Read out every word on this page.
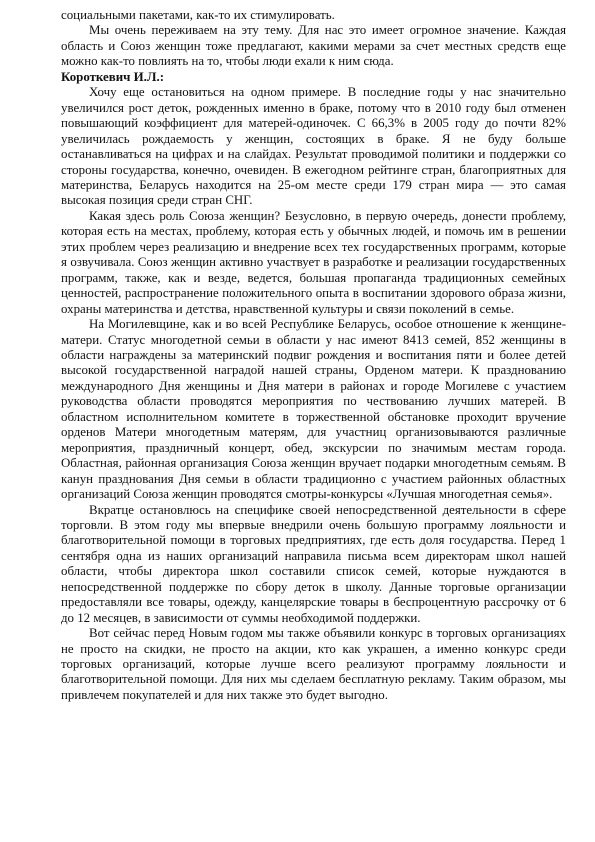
социальными пакетами, как-то их стимулировать.

Мы очень переживаем на эту тему. Для нас это имеет огромное значение. Каждая область и Союз женщин тоже предлагают, какими мерами за счет местных средств еще можно как-то повлиять на то, чтобы люди ехали к ним сюда.

Короткевич И.Л.:

Хочу еще остановиться на одном примере. В последние годы у нас значительно увеличился рост деток, рожденных именно в браке, потому что в 2010 году был отменен повышающий коэффициент для матерей-одиночек. С 66,3% в 2005 году до почти 82% увеличилась рождаемость у женщин, состоящих в браке. Я не буду больше останавливаться на цифрах и на слайдах. Результат проводимой политики и поддержки со стороны государства, конечно, очевиден. В ежегодном рейтинге стран, благоприятных для материнства, Беларусь находится на 25-ом месте среди 179 стран мира — это самая высокая позиция среди стран СНГ.

Какая здесь роль Союза женщин? Безусловно, в первую очередь, донести проблему, которая есть на местах, проблему, которая есть у обычных людей, и помочь им в решении этих проблем через реализацию и внедрение всех тех государственных программ, которые я озвучивала. Союз женщин активно участвует в разработке и реализации государственных программ, также, как и везде, ведется, большая пропаганда традиционных семейных ценностей, распространение положительного опыта в воспитании здорового образа жизни, охраны материнства и детства, нравственной культуры и связи поколений в семье.

На Могилевщине, как и во всей Республике Беларусь, особое отношение к женщине-матери. Статус многодетной семьи в области у нас имеют 8413 семей, 852 женщины в области награждены за материнский подвиг рождения и воспитания пяти и более детей высокой государственной наградой нашей страны, Орденом матери. К празднованию международного Дня женщины и Дня матери в районах и городе Могилеве с участием руководства области проводятся мероприятия по чествованию лучших матерей. В областном исполнительном комитете в торжественной обстановке проходит вручение орденов Матери многодетным матерям, для участниц организовываются различные мероприятия, праздничный концерт, обед, экскурсии по значимым местам города. Областная, районная организация Союза женщин вручает подарки многодетным семьям. В канун празднования Дня семьи в области традиционно с участием районных областных организаций Союза женщин проводятся смотры-конкурсы «Лучшая многодетная семья».

Вкратце остановлюсь на специфике своей непосредственной деятельности в сфере торговли. В этом году мы впервые внедрили очень большую программу лояльности и благотворительной помощи в торговых предприятиях, где есть доля государства. Перед 1 сентября одна из наших организаций направила письма всем директорам школ нашей области, чтобы директора школ составили список семей, которые нуждаются в непосредственной поддержке по сбору деток в школу. Данные торговые организации предоставляли все товары, одежду, канцелярские товары в беспроцентную рассрочку от 6 до 12 месяцев, в зависимости от суммы необходимой поддержки.

Вот сейчас перед Новым годом мы также объявили конкурс в торговых организациях не просто на скидки, не просто на акции, кто как украшен, а именно конкурс среди торговых организаций, которые лучше всего реализуют программу лояльности и благотворительной помощи. Для них мы сделаем бесплатную рекламу. Таким образом, мы привлечем покупателей и для них также это будет выгодно.
